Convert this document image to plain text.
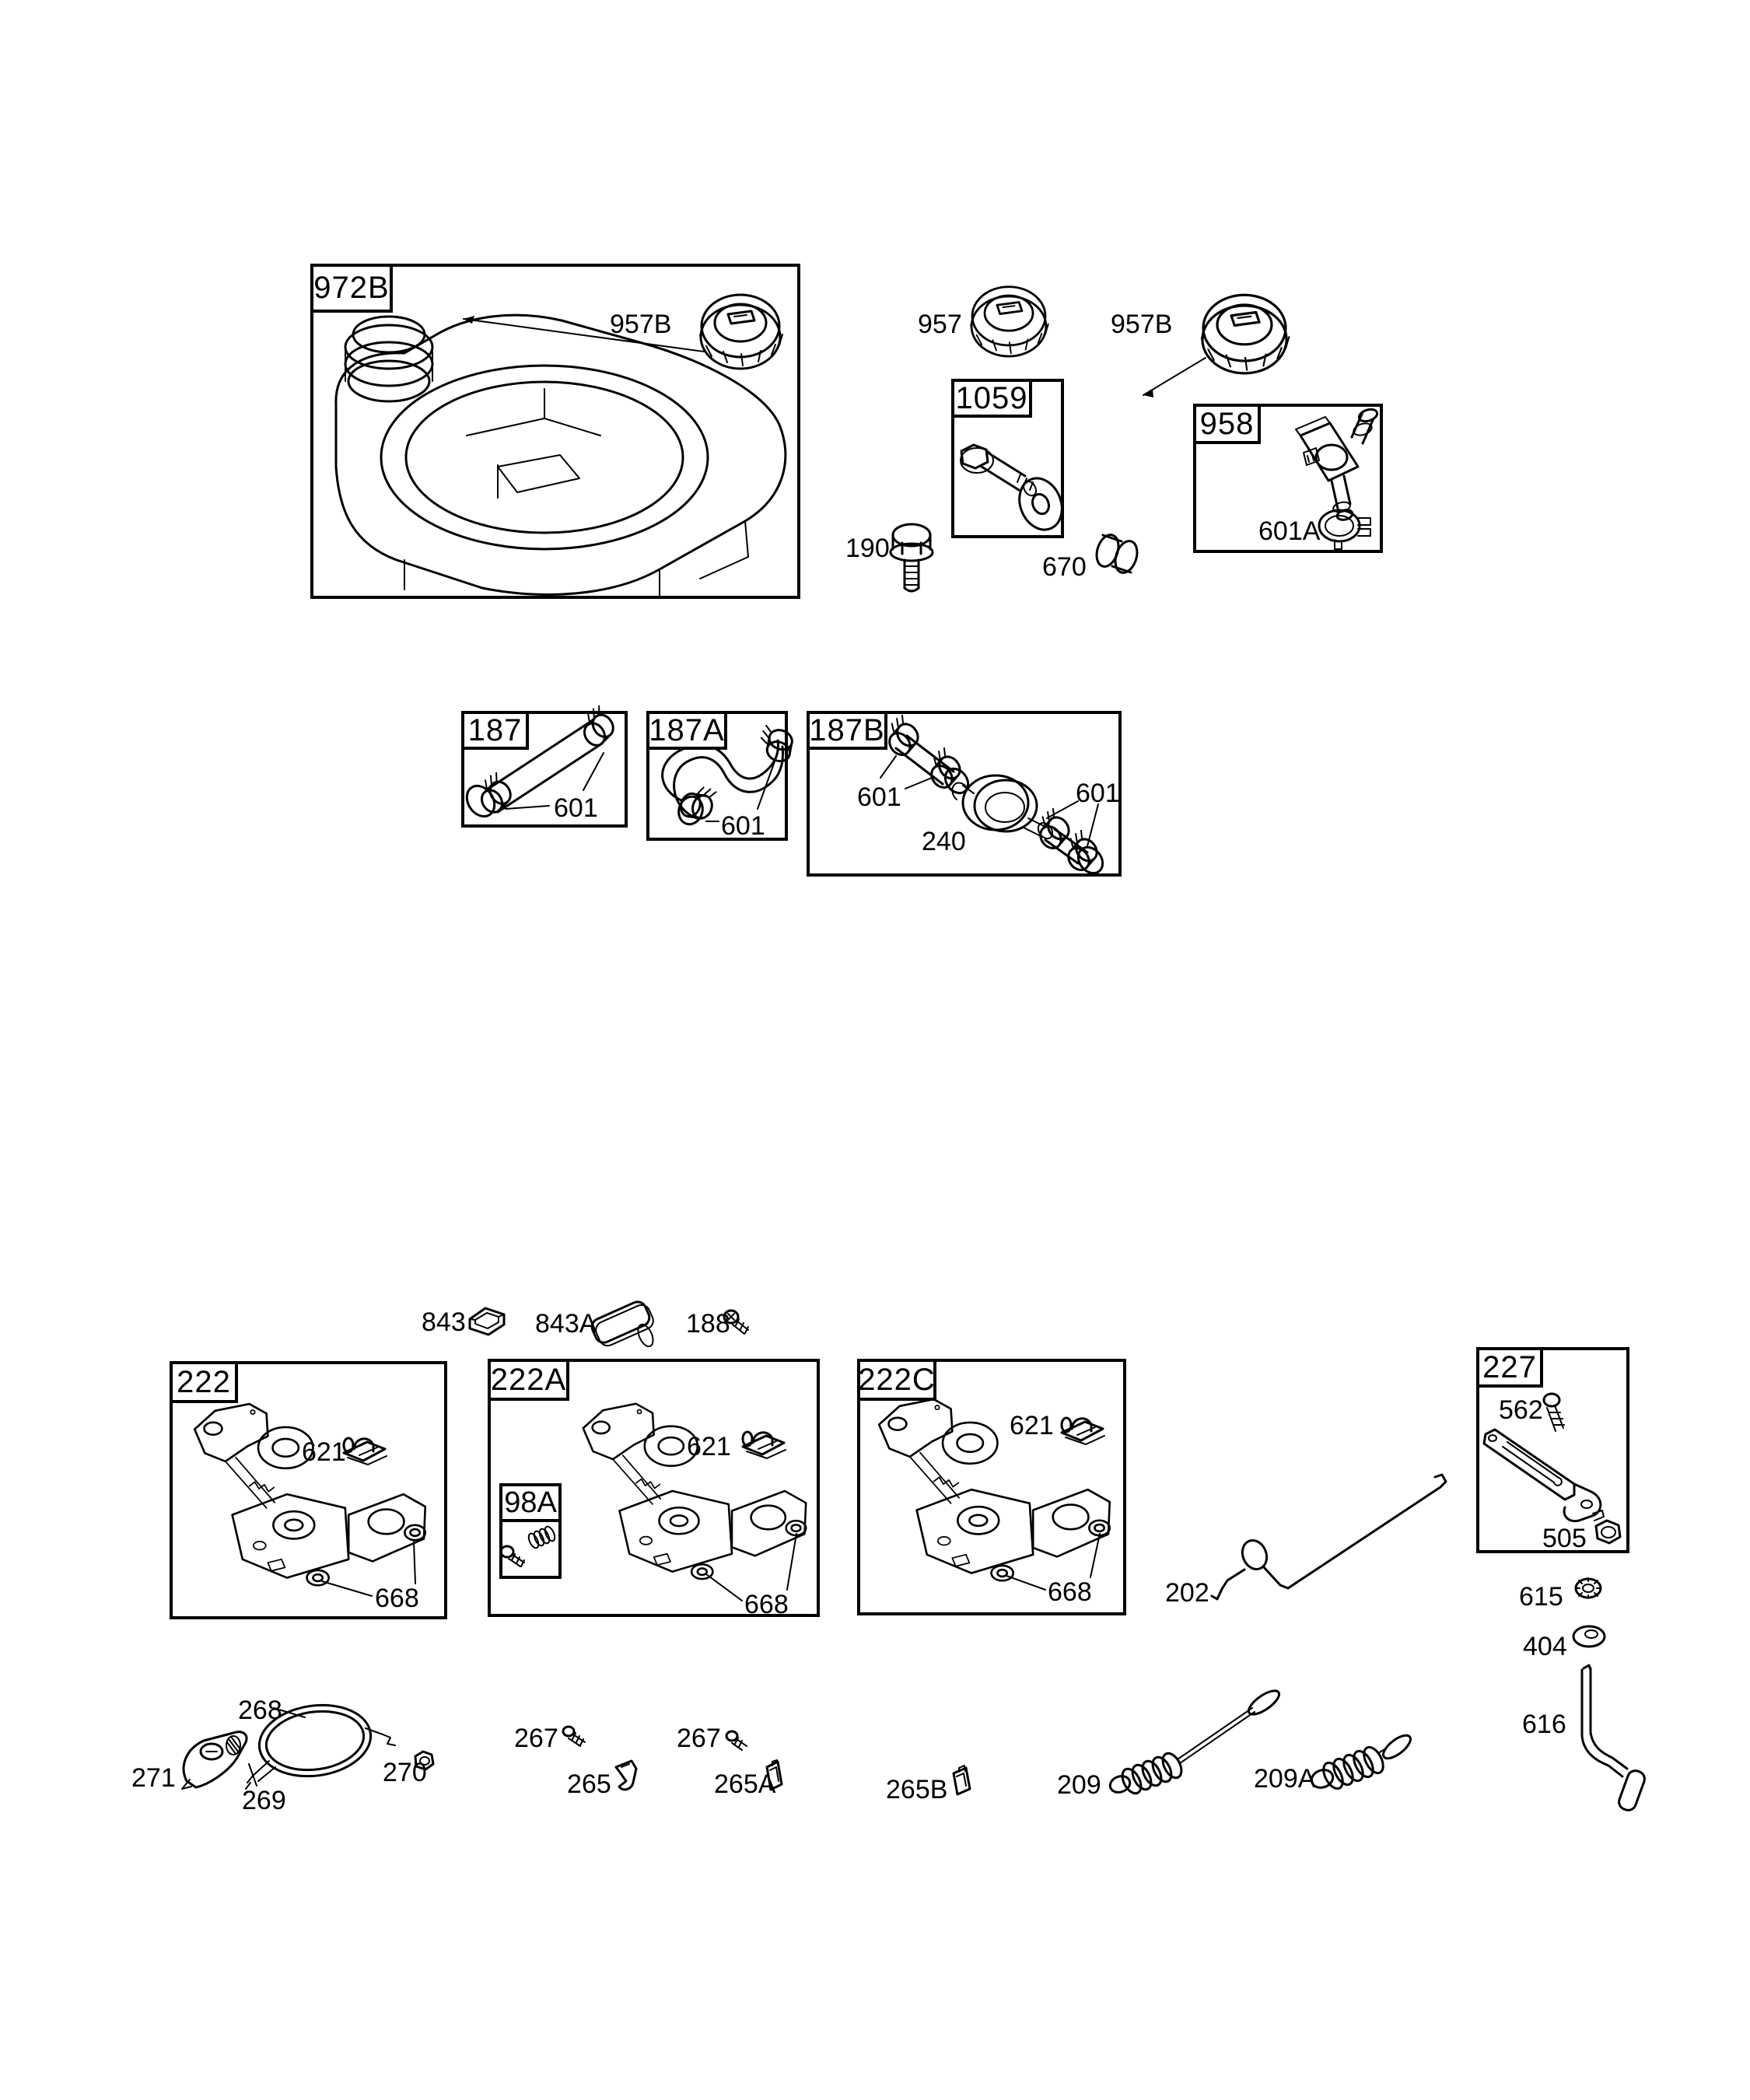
972B
1059
958
187	187A	187B
222	222A
98A
222C	227
957B	957	957B
190
670
601A
601
601
601
240
601
843	843A	188
621
668
621
668
621
668
562
505
202	615
404
616
268
271
269
270
267
265
267
265A	265B	209	209A
